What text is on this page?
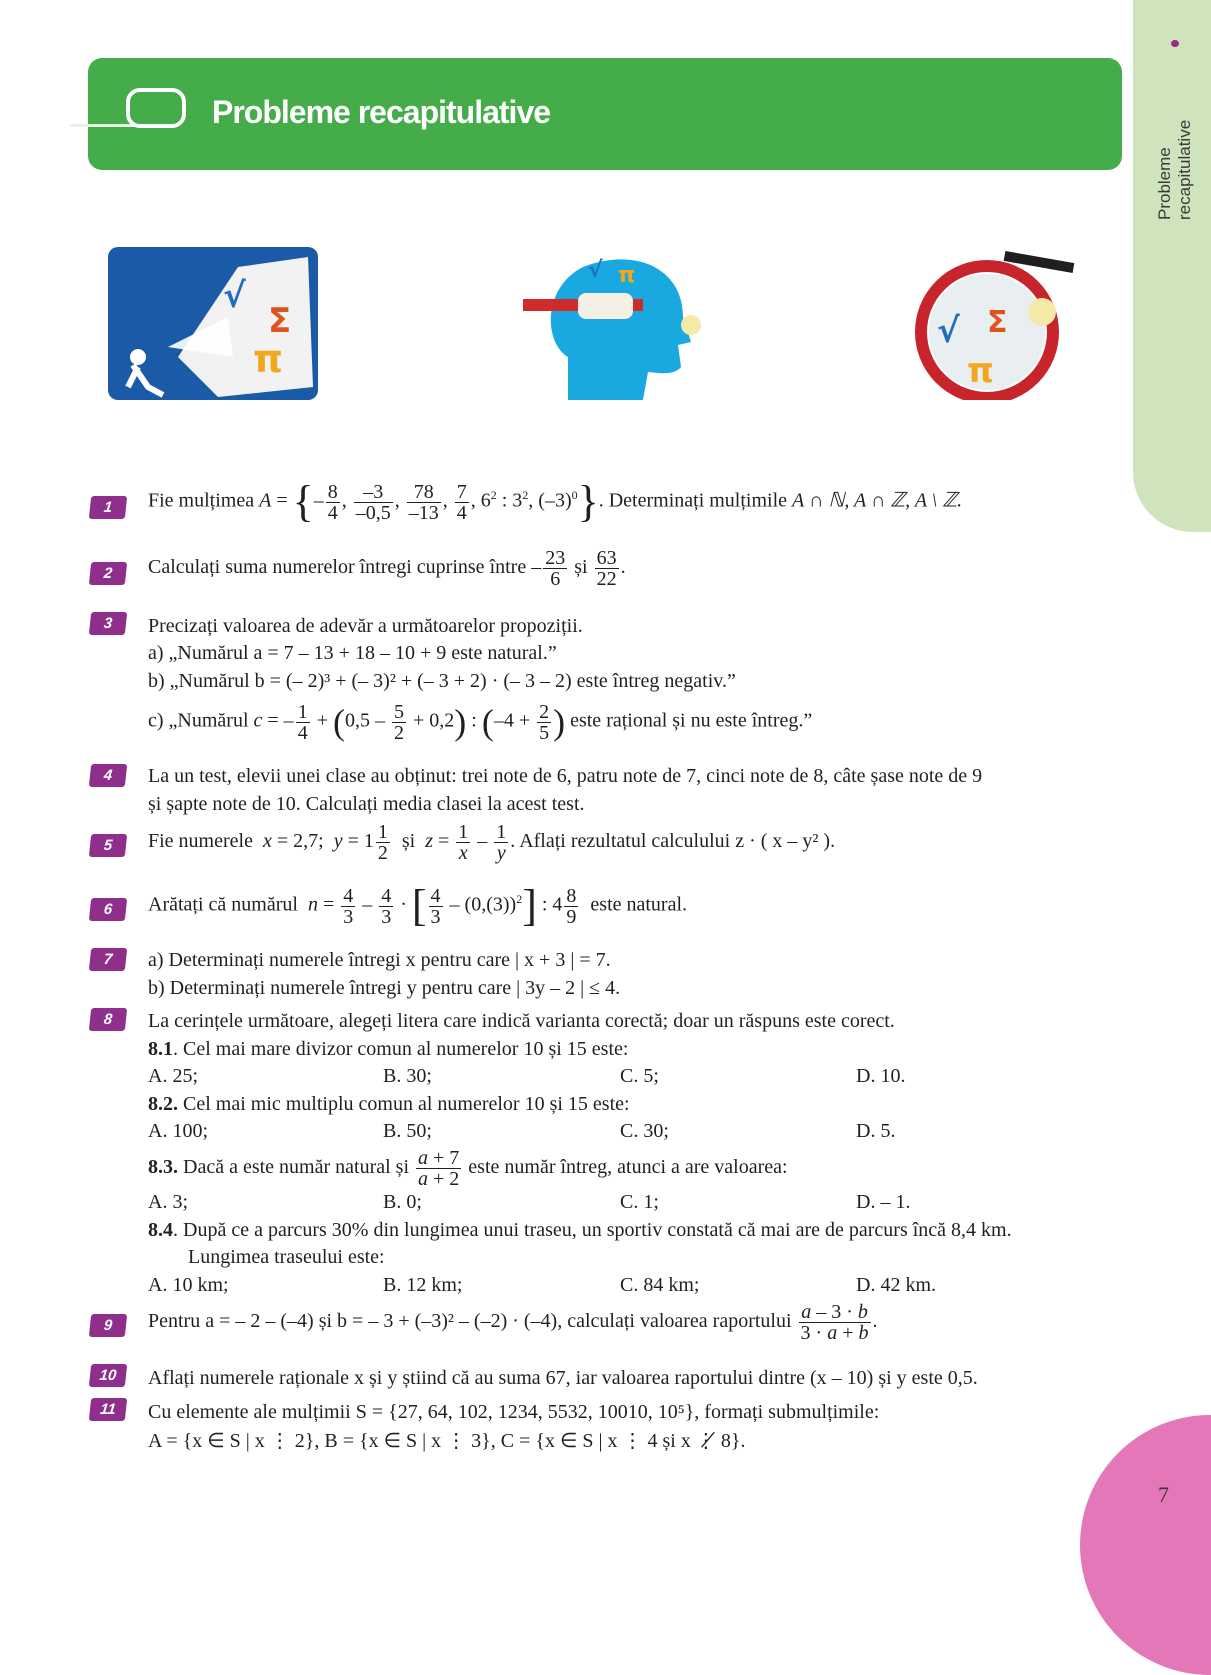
Probleme recapitulative
Probleme recapitulative
√
Σ
π
√ π
√ Σ
π
1	Fie mulțimea A = {– $\frac{8}{4}$ , $\frac{-3}{-0,5}$ , $\frac{78}{-13}$ , $\frac{7}{4}$ , $6^2$ : $3^2$, $(-3)^0$}. Determinați mulțimile A ∩ ℕ, A ∩ ℤ, A \ ℤ.
2	Calculați suma numerelor întregi cuprinse între – $\frac{23}{6}$ și $\frac{63}{22}$ .
3	Precizați valoarea de adevăr a următoarelor propoziții.
a) „Numărul a = 7 – 13 + 18 – 10 + 9 este natural.”
b) „Numărul b = (– 2)³ + (– 3)² + (– 3 + 2) · (– 3 – 2) este întreg negativ.”
c) „Numărul c = – $\frac{1}{4} + (0,5 - \frac{5}{2} + 0,2)$ : ($-4 + \frac{2}{5}$ ) este rațional și nu este întreg.”
4	La un test, elevii unei clase au obținut: trei note de 6, patru note de 7, cinci note de 8, câte șase note de 9
și șapte note de 10. Calculați media clasei la acest test.
5	Fie numerele x = 2,7;  $y = 1 \frac{1}{2}$ și  $z = \frac{1}{x} - \frac{1}{y}$ . Aflați rezultatul calculului z · ( x – y² ).
6	Arătați că numărul $n = \frac{4}{3} - \frac{4}{3}$ · [ $\frac{4}{3} - (0,(3))^2$] : $4 \frac{8}{9}$ este natural.
7	a) Determinați numerele întregi x pentru care | x + 3 | = 7.
b) Determinați numerele întregi y pentru care | 3y – 2 | ≤ 4.
8	La cerințele următoare, alegeți litera care indică varianta corectă; doar un răspuns este corect.
8.1. Cel mai mare divizor comun al numerelor 10 și 15 este:
A. 25;	B. 30;	C. 5;	D. 10.
8.2. Cel mai mic multiplu comun al numerelor 10 și 15 este:
A. 100;	B. 50;	C. 30;	D. 5.
8.3. Dacă a este număr natural și $\frac{a + 7}{a + 2}$ este număr întreg, atunci a are valoarea:
A. 3;	B. 0;	C. 1;	D. – 1.
8.4. După ce a parcurs 30% din lungimea unui traseu, un sportiv constată că mai are de parcurs încă 8,4 km.
Lungimea traseului este:
A. 10 km;	B. 12 km;	C. 84 km;	D. 42 km.
9	Pentru a = – 2 – (–4) și b = – 3 + (–3)² – (–2) · (–4), calculați valoarea raportului $\frac{a - 3 \cdot b}{3 \cdot a + b}$ .
10	Aflați numerele raționale x și y știind că au suma 67, iar valoarea raportului dintre (x – 10) și y este 0,5.
11	Cu elemente ale mulțimii S = {27, 64, 102, 1234, 5532, 10010, 10⁵}, formați submulțimile:
A = {x ∈ S | x ⋮ 2}, B = {x ∈ S | x ⋮ 3}, C = {x ∈ S | x ⋮ 4 și x ⋮̸ 8}.
7
